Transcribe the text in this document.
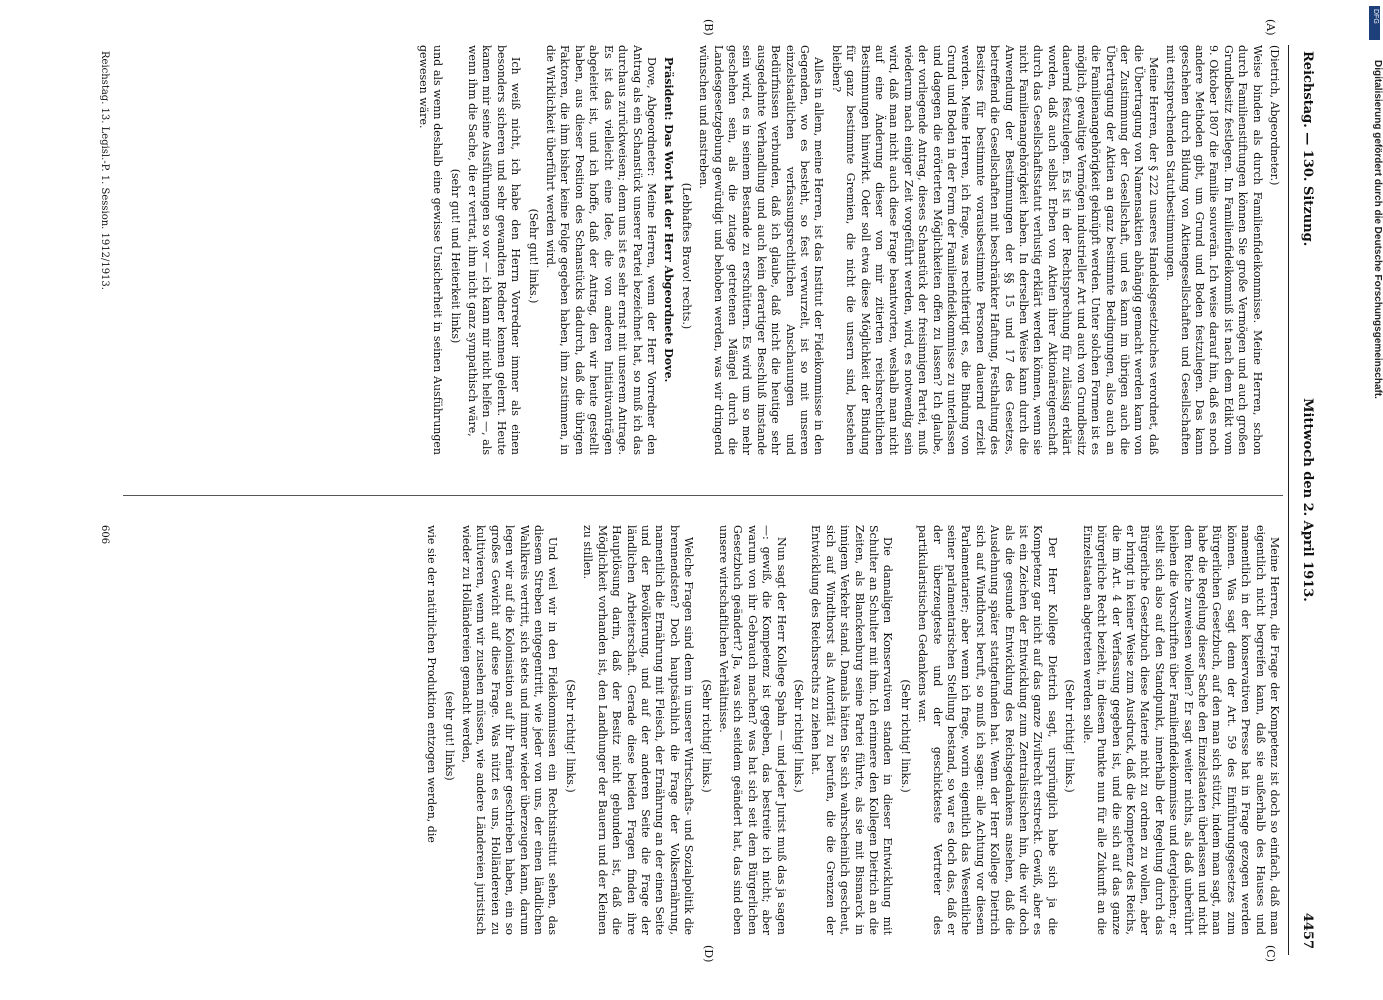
Reichstag. — 130. Sitzung.
Mittwoch den 2. April 1913.
4457
(A)
(B)
(C)
(D)

(Dietrich, Abgeordneter.)

Weise binden als durch Familienfideikommisse. Meine Herren, schon durch Familienstiftungen können Sie große Vermögen und auch großen Grundbesitz festlegen. Im Familienfideikommiß ist nach dem Edikt vom 9. Oktober 1807 die Familie souverän. Ich weise darauf hin, daß es noch andere Methoden gibt, um Grund und Boden festzulegen. Das kann geschehen durch Bildung von Aktiengesellschaften und Gesellschaften mit entsprechenden Statutbestimmungen.

Meine Herren, der § 222 unseres Handelsgesetzbuches verordnet, daß die Übertragung von Namensaktien abhängig gemacht werden kann von der Zustimmung der Gesellschaft, und es kann im übrigen auch die Übertragung der Aktien an ganz bestimmte Bedingungen, also auch an die Familienangehörigkeit geknüpft werden. Unter solchen Formen ist es möglich, gewaltige Vermögen industrieller Art und auch von Grundbesitz dauernd festzulegen. Es ist in der Rechtsprechung für zulässig erklärt worden, daß auch selbst Erben von Aktien ihrer Aktionäreigenschaft durch das Gesellschaftsstatut verlustig erklärt werden können, wenn sie nicht Familienangehörigkeit haben. In derselben Weise kann durch die Anwendung der Bestimmungen der §§ 15 und 17 des Gesetzes, betreffend die Gesellschaften mit beschränkter Haftung, Festhaltung des Besitzes für bestimmte vorausbestimmte Personen dauernd erzielt werden. Meine Herren, ich frage, was rechtfertigt es, die Bindung von Grund und Boden in der Form der Familienfideikommisse zu unterlassen und dagegen die erörterten Möglichkeiten offen zu lassen? Ich glaube, der vorliegende Antrag, dieses Schanstück der freisinnigen Partei, muß wiederum nach einiger Zeit vorgeführt werden, wird, es notwendig sein wird, daß man nicht auch diese Frage beantworten, weshalb man nicht auf eine Änderung dieser von mir zitierten reichsrechtlichen Bestimmungen hinwirkt. Oder soll etwa diese Möglichkeit der Bindung für ganz bestimmte Gremien, die nicht die unsern sind, bestehen bleiben?

Alles in allem, meine Herren, ist das Institut der Fideikommisse in den Gegenden, wo es besteht, so fest verwurzelt, ist so mit unseren einzelstaatlichen verfassungsrechtlichen Anschauungen und Bedürfnissen verbunden, daß ich glaube, daß nicht die heutige sehr ausgedehnte Verhandlung und auch kein derartiger Beschluß imstande sein wird, es in seinem Bestande zu erschüttern. Es wird um so mehr geschehen sein, als die zutage getretenen Mängel durch die Landesgesetzgebung gewürdigt und behoben werden, was wir dringend wünschen und anstreben.

(Lebhaftes Bravo! rechts.)

Präsident: Das Wort hat der Herr Abgeordnete Dove.

Dove, Abgeordneter: Meine Herren, wenn der Herr Vorredner den Antrag als ein Schanstück unserer Partei bezeichnet hat, so muß ich das durchaus zurückweisen; denn uns ist es sehr ernst mit unserem Antrage. Es ist das vielleicht eine Idee, die von anderen Initiativanträgen abgeleitet ist, und ich hoffe, daß der Antrag, den wir heute gestellt haben, aus dieser Position des Schanstücks dadurch, daß die übrigen Faktoren, die ihm bisher keine Folge gegeben haben, ihm zustimmen, in die Wirklichkeit überführt werden wird.

(Sehr gut! links.)

Ich weiß nicht, ich habe den Herrn Vorredner immer als einen besonders sicheren und sehr gewandten Redner kennen gelernt. Heute kamen mir seine Ausführungen so vor — ich kann mir nicht helfen —, als wenn ihm die Sache, die er vertrat, ihm nicht ganz sympathisch wäre,

(sehr gut! und Heiterkeit links)

und als wenn deshalb eine gewisse Unsicherheit in seinen Ausführungen gewesen wäre.

Meine Herren, die Frage der Kompetenz ist doch so einfach, daß man eigentlich nicht begreifen kann, daß sie außerhalb des Hauses und namentlich in der konservativen Presse hat in Frage gezogen werden können. Was sagt denn der Art. 59 des Einführungsgesetzes zum Bürgerlichen Gesetzbuch, auf den man sich stützt, indem man sagt, man habe die Regelung dieser Sache den Einzelstaaten überlassen und nicht dem Reiche zuweisen wollen? Er sagt weiter nichts, als daß unberührt bleiben die Vorschriften über Familienfideikommisse und dergleichen; er stellt sich also auf den Standpunkt, innerhalb der Regelung durch das Bürgerliche Gesetzbuch diese Materie nicht zu ordnen zu wollen, aber er bringt in keiner Weise zum Ausdruck, daß die Kompetenz des Reichs, die im Art. 4 der Verfassung gegeben ist, und die sich auf das ganze bürgerliche Recht bezieht, in diesem Punkte nun für alle Zukunft an die Einzelstaaten abgetreten werden solle.

(Sehr richtig! links.)

Der Herr Kollege Dietrich sagt, ursprünglich habe sich ja die Kompetenz gar nicht auf das ganze Zivilrecht erstreckt. Gewiß, aber es ist ein Zeichen der Entwicklung zum Zentralistischen hin, die wir doch als die gesunde Entwicklung des Reichsgedankens ansehen, daß die Ausdehnung später stattgefunden hat. Wenn der Herr Kollege Dietrich sich auf Windthorst beruft, so muß ich sagen: alle Achtung vor diesem Parlamentarier; aber wenn ich frage, worin eigentlich das Wesentliche seiner parlamentarischen Stellung bestand, so war es doch das, daß er der überzeugteste und der geschickteste Vertreter des partikularistischen Gedankens war.

(Sehr richtig! links.)

Die damaligen Konservativen standen in dieser Entwicklung mit Schulter an Schulter mit ihm. Ich erinnere den Kollegen Dietrich an die Zeiten, als Blanckenburg seine Partei führte, als sie mit Bismarck in innigem Verkehr stand. Damals hätten Sie sich wahrscheinlich gescheut, sich auf Windthorst als Autorität zu berufen, die die Grenzen der Entwicklung des Reichsrechts zu ziehen hat.

(Sehr richtig! links.)

Nun sagt der Herr Kollege Spahn — und jeder Jurist muß das ja sagen —: gewiß, die Kompetenz ist gegeben, das bestreite ich nicht; aber warum von ihr Gebrauch machen? was hat sich seit dem Bürgerlichen Gesetzbuch geändert? Ja, was sich seitdem geändert hat, das sind eben unsere wirtschaftlichen Verhältnisse.

(Sehr richtig! links.)

Welche Fragen sind denn in unserer Wirtschafts- und Sozialpolitik die brennendsten? Doch hauptsächlich die Frage der Volksernährung, namentlich die Ernährung mit Fleisch, der Ernährung an der einen Seite und der Bevölkerung, und auf der anderen Seite die Frage der ländlichen Arbeiterschaft. Gerade diese beiden Fragen finden ihre Hauptlösung darin, daß der Besitz nicht gebunden ist, daß die Möglichkeit vorhanden ist, den Landhunger der Bauern und der Kleinen zu stillen.

(Sehr richtig! links.)

Und weil wir in den Fideikommissen ein Rechtsinstitut sehen, das diesem Streben entgegentritt, wie jeder von uns, der einen ländlichen Wahlkreis vertritt, sich stets und immer wieder überzeugen kann, darum legen wir auf die Kolonisation auf ihr Panier geschrieben haben, ein so großes Gewicht auf diese Frage. Was nützt es uns, Holländereien zu kultivieren, wenn wir zusehen müssen, wie andere Ländereien juristisch wieder zu Holländereien gemacht werden,

(sehr gut! links)

wie sie der natürlichen Produktion entzogen werden, die

Reichstag. 13. Legisl.-P. 1. Session. 1912/1913.
606
DFG
Digitalisierung gefördert durch die Deutsche Forschungsgemeinschaft.
